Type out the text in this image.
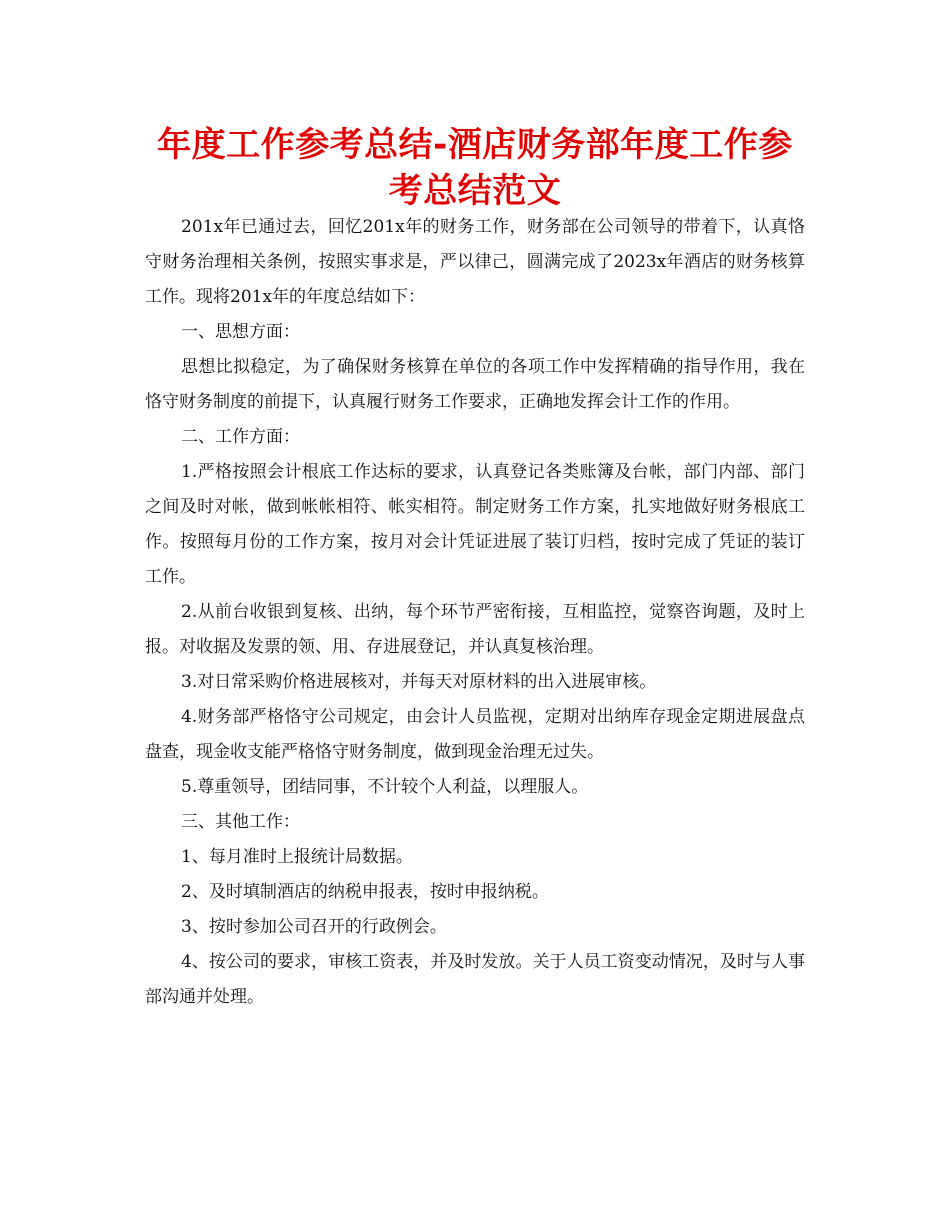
年度工作参考总结-酒店财务部年度工作参考总结范文

201x年已通过去，回忆201x年的财务工作，财务部在公司领导的带着下，认真恪守财务治理相关条例，按照实事求是，严以律己，圆满完成了2023x年酒店的财务核算工作。现将201x年的年度总结如下：

一、思想方面：

思想比拟稳定，为了确保财务核算在单位的各项工作中发挥精确的指导作用，我在恪守财务制度的前提下，认真履行财务工作要求，正确地发挥会计工作的作用。

二、工作方面：

1.严格按照会计根底工作达标的要求，认真登记各类账簿及台帐，部门内部、部门之间及时对帐，做到帐帐相符、帐实相符。制定财务工作方案，扎实地做好财务根底工作。按照每月份的工作方案，按月对会计凭证进展了装订归档，按时完成了凭证的装订工作。

2.从前台收银到复核、出纳，每个环节严密衔接，互相监控，觉察咨询题，及时上报。对收据及发票的领、用、存进展登记，并认真复核治理。

3.对日常采购价格进展核对，并每天对原材料的出入进展审核。

4.财务部严格恪守公司规定，由会计人员监视，定期对出纳库存现金定期进展盘点盘查，现金收支能严格恪守财务制度，做到现金治理无过失。

5.尊重领导，团结同事，不计较个人利益，以理服人。

三、其他工作：

1、每月准时上报统计局数据。

2、及时填制酒店的纳税申报表，按时申报纳税。

3、按时参加公司召开的行政例会。

4、按公司的要求，审核工资表，并及时发放。关于人员工资变动情况，及时与人事部沟通并处理。
